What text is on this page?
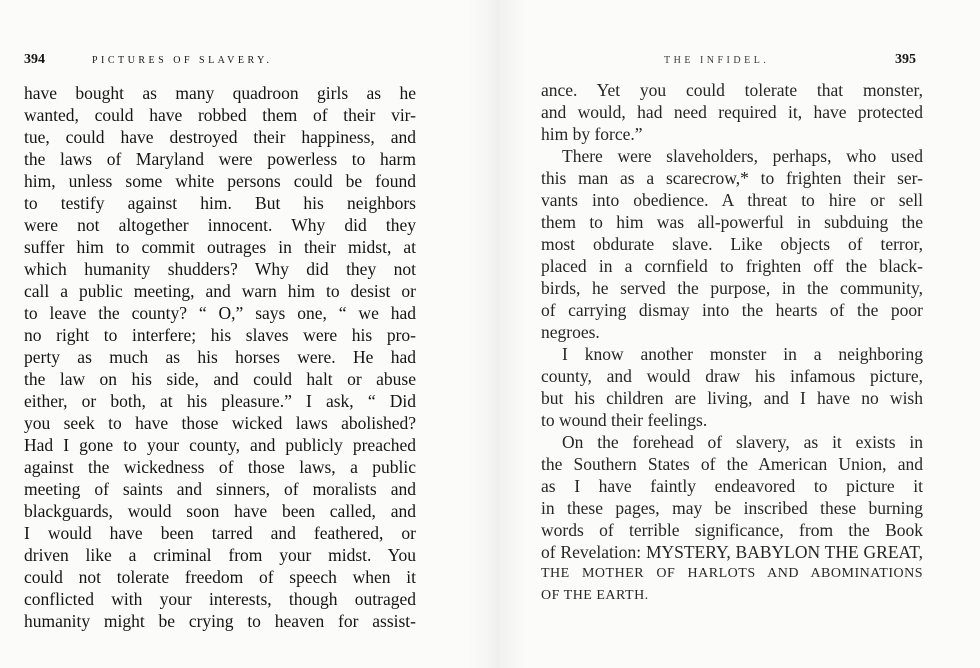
394	PICTURES OF SLAVERY.
have bought as many quadroon girls as he
wanted, could have robbed them of their vir-
tue, could have destroyed their happiness, and
the laws of Maryland were powerless to harm
him, unless some white persons could be found
to testify against him. But his neighbors
were not altogether innocent. Why did they
suffer him to commit outrages in their midst, at
which humanity shudders? Why did they not
call a public meeting, and warn him to desist or
to leave the county? “ O,” says one, “ we had
no right to interfere; his slaves were his pro-
perty as much as his horses were. He had
the law on his side, and could halt or abuse
either, or both, at his pleasure.” I ask, “ Did
you seek to have those wicked laws abolished?
Had I gone to your county, and publicly preached
against the wickedness of those laws, a public
meeting of saints and sinners, of moralists and
blackguards, would soon have been called, and
I would have been tarred and feathered, or
driven like a criminal from your midst. You
could not tolerate freedom of speech when it
conflicted with your interests, though outraged
humanity might be crying to heaven for assist-
THE INFIDEL.	395
ance. Yet you could tolerate that monster,
and would, had need required it, have protected
him by force.”
There were slaveholders, perhaps, who used
this man as a scarecrow,* to frighten their ser-
vants into obedience. A threat to hire or sell
them to him was all-powerful in subduing the
most obdurate slave. Like objects of terror,
placed in a cornfield to frighten off the black-
birds, he served the purpose, in the community,
of carrying dismay into the hearts of the poor
negroes.
I know another monster in a neighboring
county, and would draw his infamous picture,
but his children are living, and I have no wish
to wound their feelings.
On the forehead of slavery, as it exists in
the Southern States of the American Union, and
as I have faintly endeavored to picture it
in these pages, may be inscribed these burning
words of terrible significance, from the Book
of Revelation: MYSTERY, BABYLON THE GREAT,
THE MOTHER OF HARLOTS AND ABOMINATIONS
OF THE EARTH.
